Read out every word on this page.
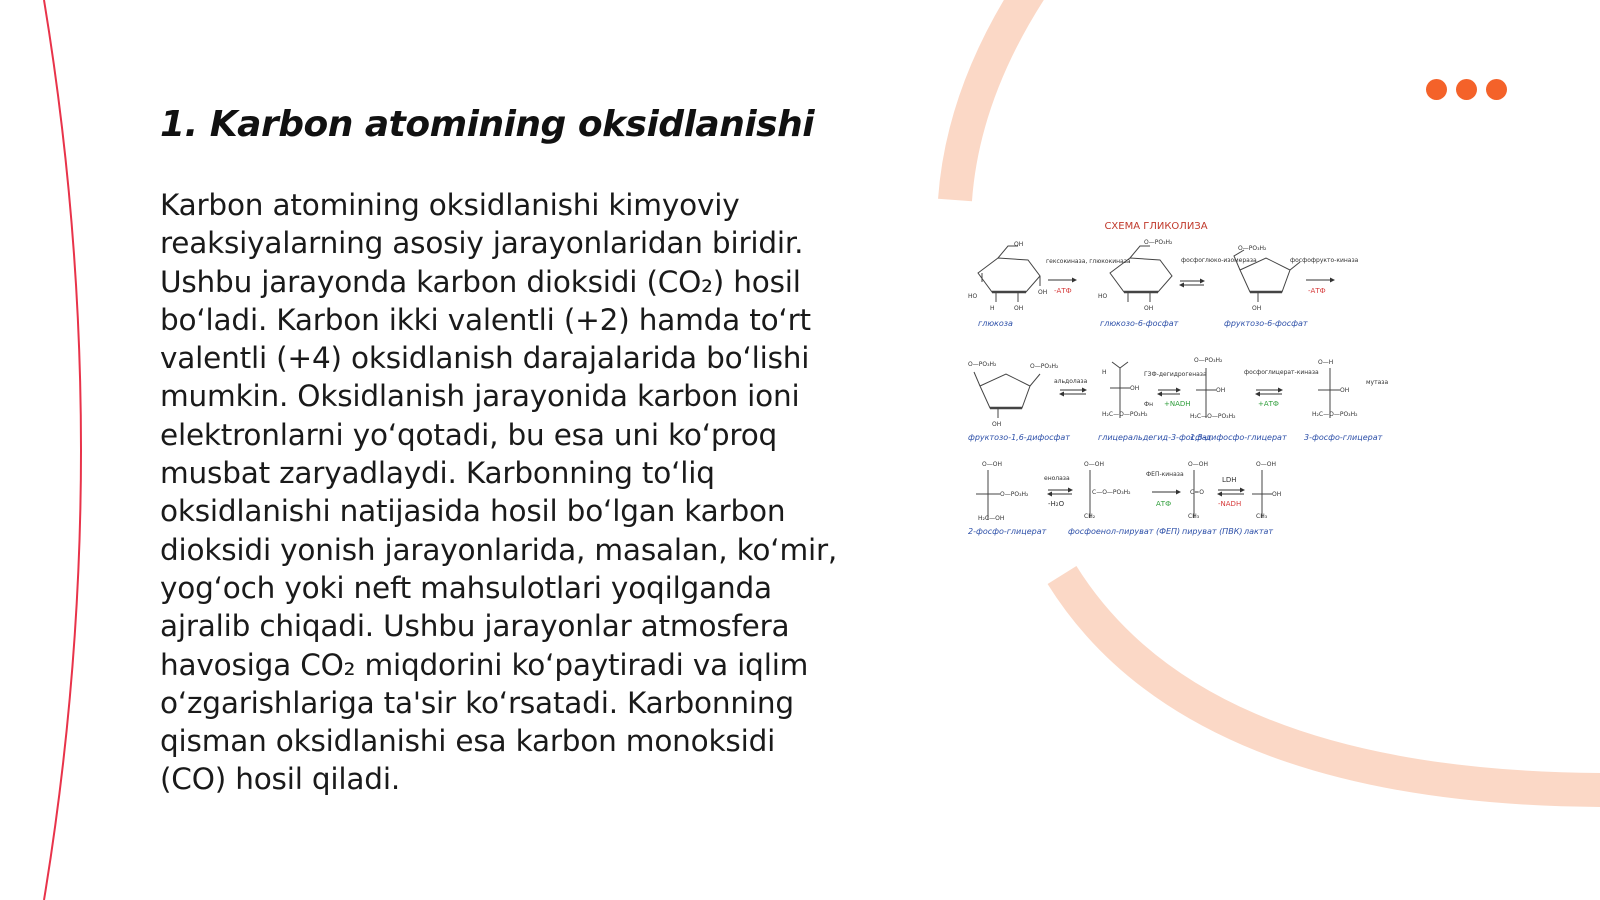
1. Karbon atomining oksidlanishi

Karbon atomining oksidlanishi kimyoviy reaksiyalarning asosiy jarayonlaridan biridir. Ushbu jarayonda karbon dioksidi (CO₂) hosil bo‘ladi. Karbon ikki valentli (+2) hamda to‘rt valentli (+4) oksidlanish darajalarida bo‘lishi mumkin. Oksidlanish jarayonida karbon ioni elektronlarni yo‘qotadi, bu esa uni ko‘proq musbat zaryadlaydi. Karbonning to‘liq oksidlanishi natijasida hosil bo‘lgan karbon dioksidi yonish jarayonlarida, masalan, ko‘mir, yog‘och yoki neft mahsulotlari yoqilganda ajralib chiqadi. Ushbu jarayonlar atmosfera havosiga CO₂ miqdorini ko‘paytiradi va iqlim o‘zgarishlariga ta'sir ko‘rsatadi. Karbonning qisman oksidlanishi esa karbon monoksidi (CO) hosil qiladi.

СХЕМА ГЛИКОЛИЗА
OH
HO
H	OH
OH
глюкоза
гексокиназа, глюкокиназа
-АТФ
O—PO₃H₂
HO
OH
глюкозо-6-фосфат
фосфоглюко-изомераза
O—PO₃H₂
OH
фруктозо-6-фосфат
фосфофрукто-киназа
-АТФ
O—PO₃H₂	O—PO₃H₂
OH
фруктозо-1,6-дифосфат
альдолаза
H
OH
H₂C—O—PO₃H₂
глицеральдегид-3-фосфат
ГЗФ-дегидрогеназа
Фн +NADH
O—PO₃H₂
OH
H₂C—O—PO₃H₂
1,3-дифосфо-глицерат
фосфоглицерат-киназа
+АТФ
O—H
OH
H₂C—O—PO₃H₂
мутаза
3-фосфо-глицерат
O—OH
O—PO₃H₂
H₂C—OH
2-фосфо-глицерат
енолаза
-H₂O
O—OH
C—O—PO₃H₂
CH₂
фосфоенол-пируват (ФЕП)
ФЕП-киназа
АТФ
O—OH
C=O
CH₃
пируват (ПВК)
LDH
-NADH
O—OH
OH
CH₃
лактат
